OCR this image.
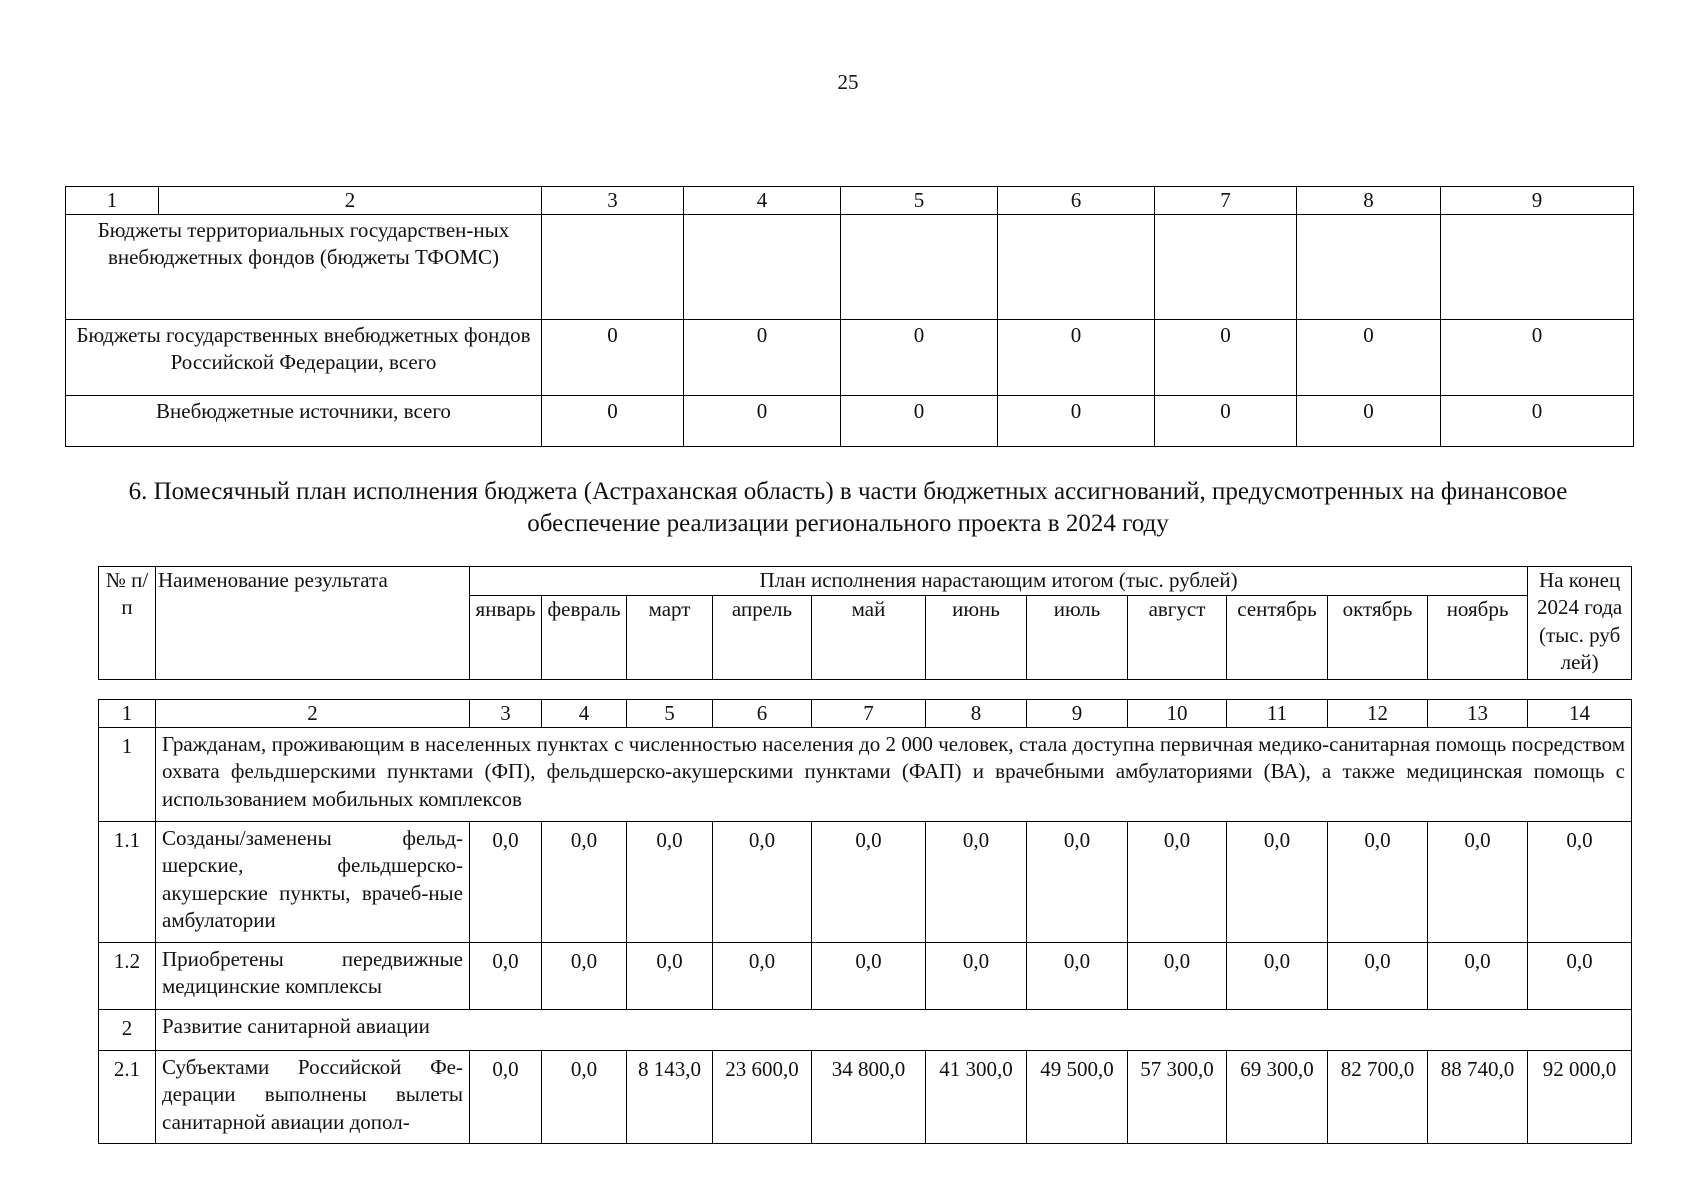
25
1	2	3	4	5	6	7	8	9
Бюджеты территориальных государствен-ных внебюджетных фондов (бюджеты ТФОМС)								
Бюджеты государственных внебюджетных фондов Российской Федерации, всего		0	0	0	0	0	0	0
Внебюджетные источники, всего		0	0	0	0	0	0	0
6. Помесячный план исполнения бюджета (Астраханская область) в части бюджетных ассигнований, предусмотренных на финансовое обеспечение реализации регионального проекта в 2024 году
№ п/п	Наименование результата	План исполнения нарастающим итогом (тыс. рублей)											На конец 2024 года (тыс. руб лей)
		январь	февраль	март	апрель	май	июнь	июль	август	сентябрь	октябрь	ноябрь	
1	2	3	4	5	6	7	8	9	10	11	12	13	14
1	Гражданам, проживающим в населенных пунктах с численностью населения до 2 000 человек, стала доступна первичная медико-санитарная помощь посредством охвата фельдшерскими пунктами (ФП), фельдшерско-акушерскими пунктами (ФАП) и врачебными амбулаториями (ВА), а также медицинская помощь с использованием мобильных комплексов												
1.1	Созданы/заменены фельд-шерские, фельдшерско-акушерские пункты, врачеб-ные амбулатории	0,0	0,0	0,0	0,0	0,0	0,0	0,0	0,0	0,0	0,0	0,0	0,0
1.2	Приобретены передвижные медицинские комплексы	0,0	0,0	0,0	0,0	0,0	0,0	0,0	0,0	0,0	0,0	0,0	0,0
2	Развитие санитарной авиации												
2.1	Субъектами Российской Фе-дерации выполнены вылеты санитарной авиации допол-	0,0	0,0	8 143,0	23 600,0	34 800,0	41 300,0	49 500,0	57 300,0	69 300,0	82 700,0	88 740,0	92 000,0
